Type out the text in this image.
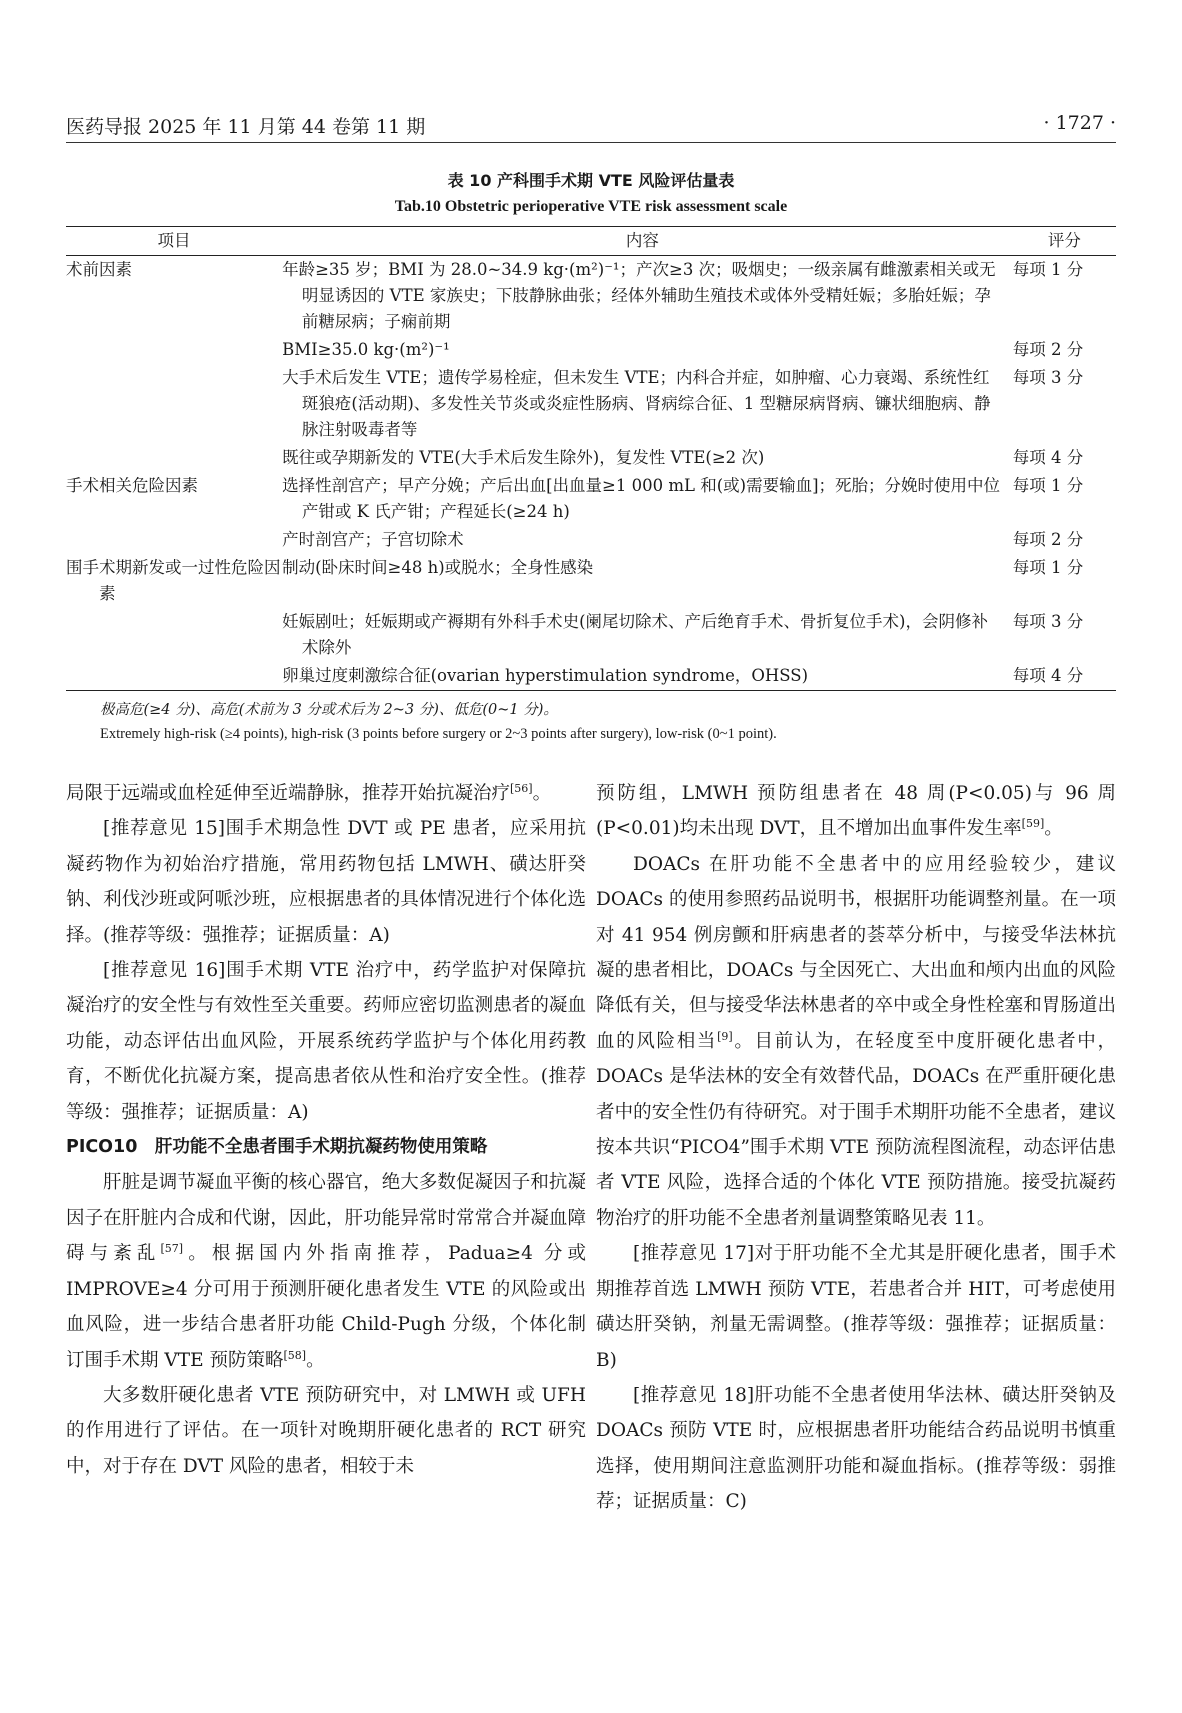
医药导报 2025 年 11 月第 44 卷第 11 期	· 1727 ·
表 10 产科围手术期 VTE 风险评估量表
Tab.10 Obstetric perioperative VTE risk assessment scale
项目	内容	评分
术前因素	年龄≥35 岁；BMI 为 28.0~34.9 kg·(m²)⁻¹；产次≥3 次；吸烟史；一级亲属有雌激素相关或无明显诱因的 VTE 家族史；下肢静脉曲张；经体外辅助生殖技术或体外受精妊娠；多胎妊娠；孕前糖尿病；子痫前期	每项 1 分
	BMI≥35.0 kg·(m²)⁻¹	每项 2 分
	大手术后发生 VTE；遗传学易栓症，但未发生 VTE；内科合并症，如肿瘤、心力衰竭、系统性红斑狼疮(活动期)、多发性关节炎或炎症性肠病、肾病综合征、1 型糖尿病肾病、镰状细胞病、静脉注射吸毒者等	每项 3 分
	既往或孕期新发的 VTE(大手术后发生除外)，复发性 VTE(≥2 次)	每项 4 分
手术相关危险因素	选择性剖宫产；早产分娩；产后出血[出血量≥1 000 mL 和(或)需要输血]；死胎；分娩时使用中位产钳或 K 氏产钳；产程延长(≥24 h)	每项 1 分
	产时剖宫产；子宫切除术	每项 2 分
围手术期新发或一过性危险因素	制动(卧床时间≥48 h)或脱水；全身性感染	每项 1 分
	妊娠剧吐；妊娠期或产褥期有外科手术史(阑尾切除术、产后绝育手术、骨折复位手术)，会阴修补术除外	每项 3 分
	卵巢过度刺激综合征(ovarian hyperstimulation syndrome，OHSS)	每项 4 分
极高危(≥4 分)、高危(术前为 3 分或术后为 2~3 分)、低危(0~1 分)。
Extremely high-risk (≥4 points), high-risk (3 points before surgery or 2~3 points after surgery), low-risk (0~1 point).

局限于远端或血栓延伸至近端静脉，推荐开始抗凝治疗[56]。

[推荐意见 15]围手术期急性 DVT 或 PE 患者，应采用抗凝药物作为初始治疗措施，常用药物包括 LMWH、磺达肝癸钠、利伐沙班或阿哌沙班，应根据患者的具体情况进行个体化选择。(推荐等级：强推荐；证据质量：A)

[推荐意见 16]围手术期 VTE 治疗中，药学监护对保障抗凝治疗的安全性与有效性至关重要。药师应密切监测患者的凝血功能，动态评估出血风险，开展系统药学监护与个体化用药教育，不断优化抗凝方案，提高患者依从性和治疗安全性。(推荐等级：强推荐；证据质量：A)

PICO10　肝功能不全患者围手术期抗凝药物使用策略

肝脏是调节凝血平衡的核心器官，绝大多数促凝因子和抗凝因子在肝脏内合成和代谢，因此，肝功能异常时常常合并凝血障碍与紊乱[57]。根据国内外指南推荐，Padua≥4 分或 IMPROVE≥4 分可用于预测肝硬化患者发生 VTE 的风险或出血风险，进一步结合患者肝功能 Child-Pugh 分级，个体化制订围手术期 VTE 预防策略[58]。

大多数肝硬化患者 VTE 预防研究中，对 LMWH 或 UFH 的作用进行了评估。在一项针对晚期肝硬化患者的 RCT 研究中，对于存在 DVT 风险的患者，相较于未

预防组，LMWH 预防组患者在 48 周(P<0.05)与 96 周(P<0.01)均未出现 DVT，且不增加出血事件发生率[59]。

DOACs 在肝功能不全患者中的应用经验较少，建议 DOACs 的使用参照药品说明书，根据肝功能调整剂量。在一项对 41 954 例房颤和肝病患者的荟萃分析中，与接受华法林抗凝的患者相比，DOACs 与全因死亡、大出血和颅内出血的风险降低有关，但与接受华法林患者的卒中或全身性栓塞和胃肠道出血的风险相当[9]。目前认为，在轻度至中度肝硬化患者中，DOACs 是华法林的安全有效替代品，DOACs 在严重肝硬化患者中的安全性仍有待研究。对于围手术期肝功能不全患者，建议按本共识“PICO4”围手术期 VTE 预防流程图流程，动态评估患者 VTE 风险，选择合适的个体化 VTE 预防措施。接受抗凝药物治疗的肝功能不全患者剂量调整策略见表 11。

[推荐意见 17]对于肝功能不全尤其是肝硬化患者，围手术期推荐首选 LMWH 预防 VTE，若患者合并 HIT，可考虑使用磺达肝癸钠，剂量无需调整。(推荐等级：强推荐；证据质量：B)

[推荐意见 18]肝功能不全患者使用华法林、磺达肝癸钠及 DOACs 预防 VTE 时，应根据患者肝功能结合药品说明书慎重选择，使用期间注意监测肝功能和凝血指标。(推荐等级：弱推荐；证据质量：C)
